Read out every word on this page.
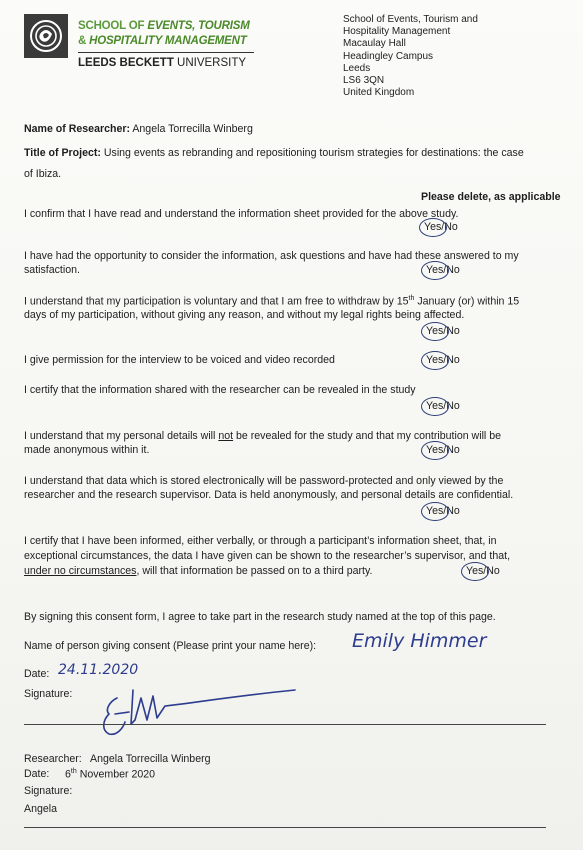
SCHOOL OF EVENTS, TOURISM
& HOSPITALITY MANAGEMENT
LEEDS BECKETT UNIVERSITY
School of Events, Tourism and
Hospitality Management
Macaulay Hall
Headingley Campus
Leeds
LS6 3QN
United Kingdom
Name of Researcher: Angela Torrecilla Winberg
Title of Project: Using events as rebranding and repositioning tourism strategies for destinations: the case
of Ibiza.
Please delete, as applicable
I confirm that I have read and understand the information sheet provided for the above study.
Yes/No
I have had the opportunity to consider the information, ask questions and have had these answered to my
satisfaction.	Yes/No
I understand that my participation is voluntary and that I am free to withdraw by 15th January (or) within 15
days of my participation, without giving any reason, and without my legal rights being affected.
Yes/No
I give permission for the interview to be voiced and video recorded	Yes/No
I certify that the information shared with the researcher can be revealed in the study
Yes/No
I understand that my personal details will not be revealed for the study and that my contribution will be
made anonymous within it.	Yes/No
I understand that data which is stored electronically will be password-protected and only viewed by the
researcher and the research supervisor. Data is held anonymously, and personal details are confidential.
Yes/No
I certify that I have been informed, either verbally, or through a participant’s information sheet, that, in
exceptional circumstances, the data I have given can be shown to the researcher’s supervisor, and that,
under no circumstances, will that information be passed on to a third party.	Yes/No
By signing this consent form, I agree to take part in the research study named at the top of this page.
Name of person giving consent (Please print your name here): Emily Himmer
Date: 24.11.2020
Signature:
Researcher: Angela Torrecilla Winberg
Date: 6th November 2020
Signature:
Angela
